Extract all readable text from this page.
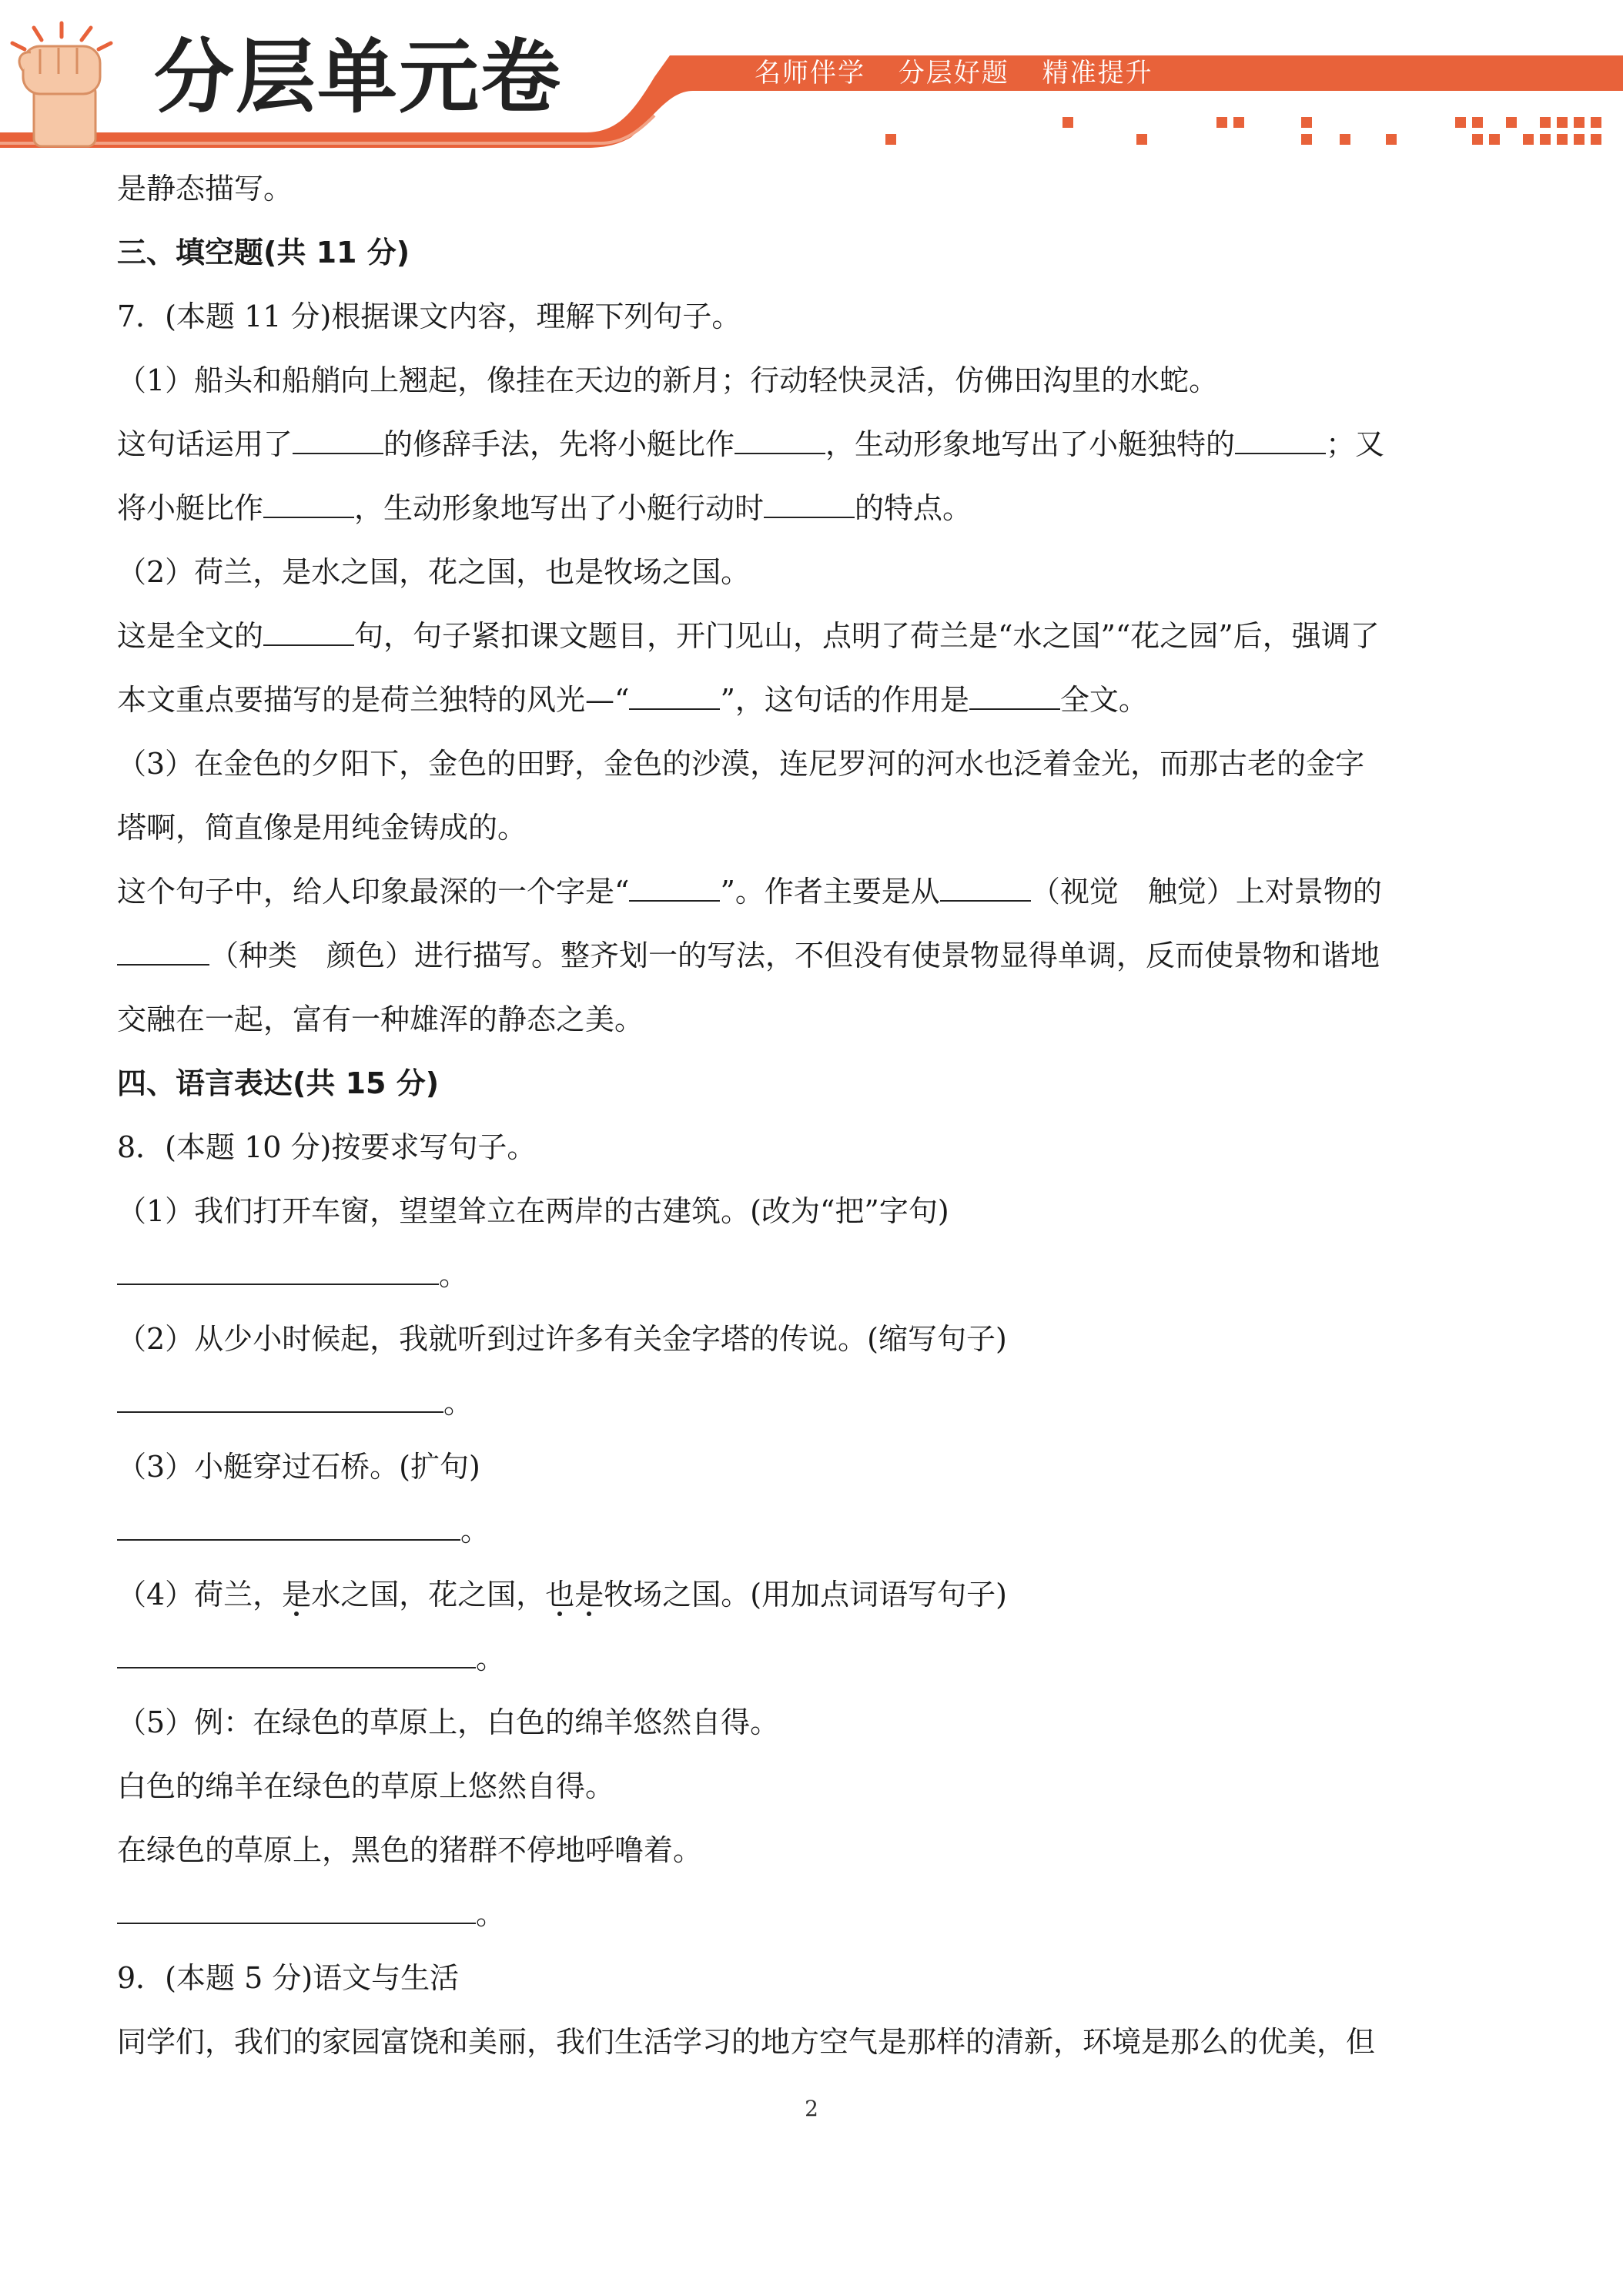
分层单元卷	名师伴学 分层好题 精准提升
是静态描写。
三、填空题(共 11 分)
7．(本题 11 分)根据课文内容，理解下列句子。
（1）船头和船艄向上翘起，像挂在天边的新月；行动轻快灵活，仿佛田沟里的水蛇。
这句话运用了	的修辞手法，先将小艇比作	，生动形象地写出了小艇独特的	；又
将小艇比作	，生动形象地写出了小艇行动时	的特点。
（2）荷兰，是水之国，花之国，也是牧场之国。
这是全文的	句，句子紧扣课文题目，开门见山，点明了荷兰是“水之国”“花之园”后，强调了
本文重点要描写的是荷兰独特的风光—“	”，这句话的作用是	全文。
（3）在金色的夕阳下，金色的田野，金色的沙漠，连尼罗河的河水也泛着金光，而那古老的金字
塔啊，简直像是用纯金铸成的。
这个句子中，给人印象最深的一个字是“	”。作者主要是从	（视觉　触觉）上对景物的
（种类　颜色）进行描写。整齐划一的写法，不但没有使景物显得单调，反而使景物和谐地
交融在一起，富有一种雄浑的静态之美。
四、语言表达(共 15 分)
8．(本题 10 分)按要求写句子。
（1）我们打开车窗，望望耸立在两岸的古建筑。(改为“把”字句)
。
（2）从少小时候起，我就听到过许多有关金字塔的传说。(缩写句子)
。
（3）小艇穿过石桥。(扩句)
。
（4）荷兰，是水之国，花之国，也是牧场之国。(用加点词语写句子)
。
（5）例：在绿色的草原上，白色的绵羊悠然自得。
白色的绵羊在绿色的草原上悠然自得。
在绿色的草原上，黑色的猪群不停地呼噜着。
。
9．(本题 5 分)语文与生活
同学们，我们的家园富饶和美丽，我们生活学习的地方空气是那样的清新，环境是那么的优美，但
2
